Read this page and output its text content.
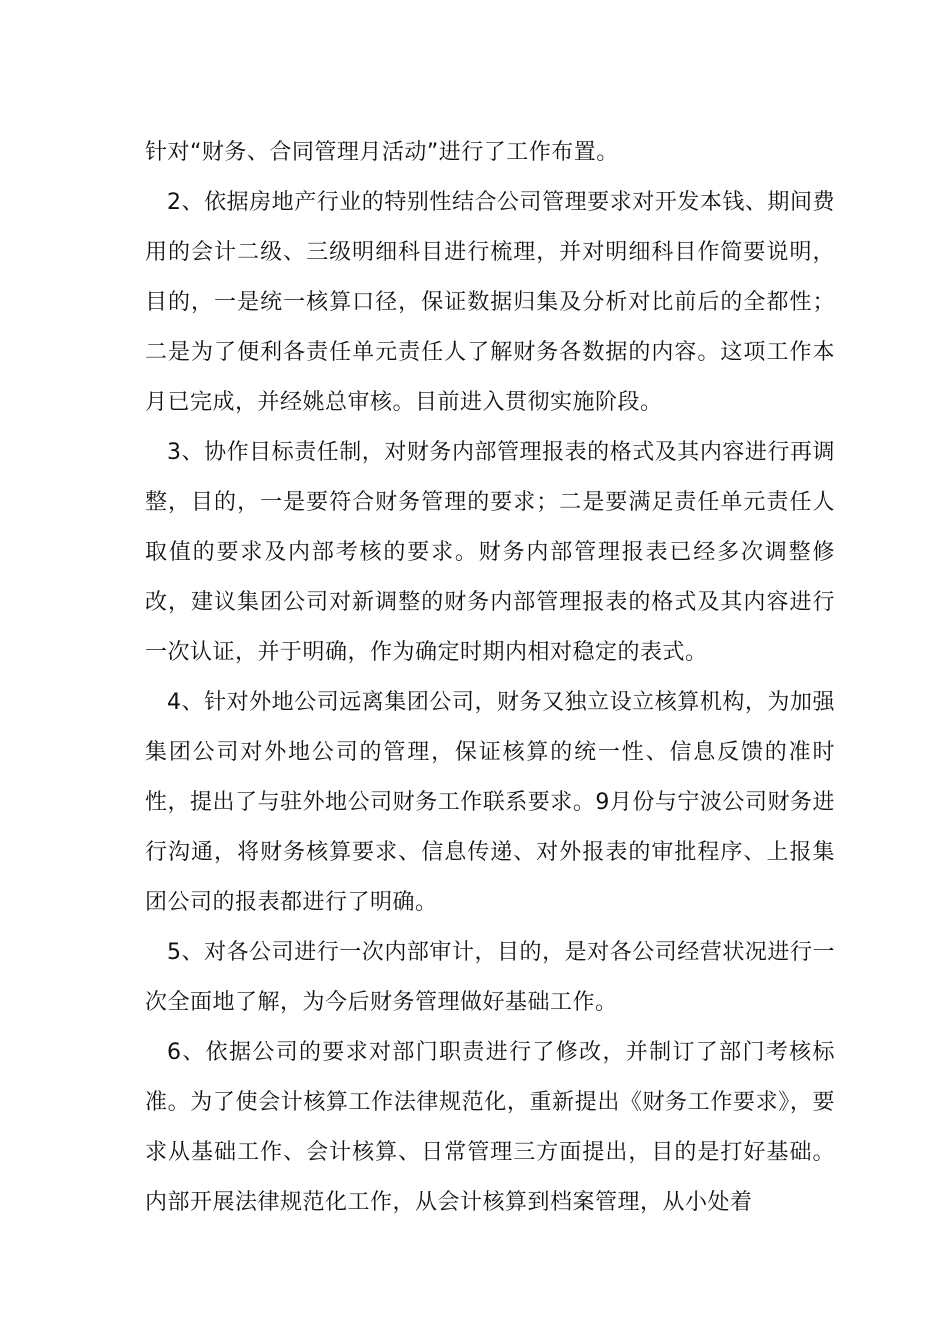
针对“财务、合同管理月活动”进行了工作布置。

2、依据房地产行业的特别性结合公司管理要求对开发本钱、期间费用的会计二级、三级明细科目进行梳理，并对明细科目作简要说明，目的，一是统一核算口径，保证数据归集及分析对比前后的全都性；二是为了便利各责任单元责任人了解财务各数据的内容。这项工作本月已完成，并经姚总审核。目前进入贯彻实施阶段。

3、协作目标责任制，对财务内部管理报表的格式及其内容进行再调整，目的，一是要符合财务管理的要求；二是要满足责任单元责任人取值的要求及内部考核的要求。财务内部管理报表已经多次调整修改，建议集团公司对新调整的财务内部管理报表的格式及其内容进行一次认证，并于明确，作为确定时期内相对稳定的表式。

4、针对外地公司远离集团公司，财务又独立设立核算机构，为加强集团公司对外地公司的管理，保证核算的统一性、信息反馈的准时性，提出了与驻外地公司财务工作联系要求。9月份与宁波公司财务进行沟通，将财务核算要求、信息传递、对外报表的审批程序、上报集团公司的报表都进行了明确。

5、对各公司进行一次内部审计，目的，是对各公司经营状况进行一次全面地了解，为今后财务管理做好基础工作。

6、依据公司的要求对部门职责进行了修改，并制订了部门考核标准。为了使会计核算工作法律规范化，重新提出《财务工作要求》，要求从基础工作、会计核算、日常管理三方面提出，目的是打好基础。内部开展法律规范化工作，从会计核算到档案管理，从小处着
